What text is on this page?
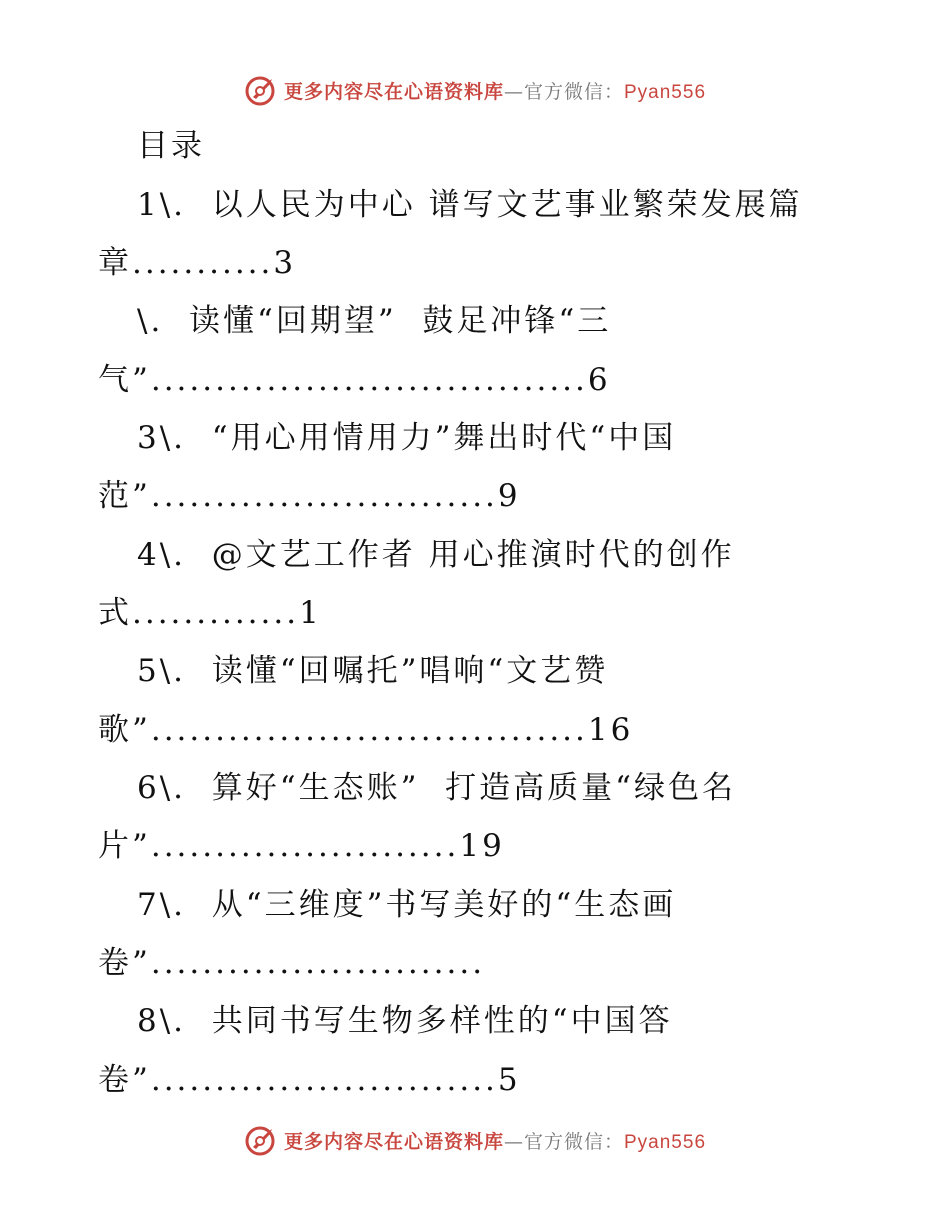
更多内容尽在心语资料库—官方微信：Pyan556
目录
1\.  以人民为中心 谱写文艺事业繁荣发展篇
章...........3
\.  读懂“回期望”  鼓足冲锋“三
气”..................................6
3\.  “用心用情用力”舞出时代“中国
范”...........................9
4\.  @文艺工作者 用心推演时代的创作
式.............1
5\.  读懂“回嘱托”唱响“文艺赞
歌”..................................16
6\.  算好“生态账”  打造高质量“绿色名
片”........................19
7\.  从“三维度”书写美好的“生态画
卷”..........................
8\.  共同书写生物多样性的“中国答
卷”...........................5
更多内容尽在心语资料库—官方微信：Pyan556
